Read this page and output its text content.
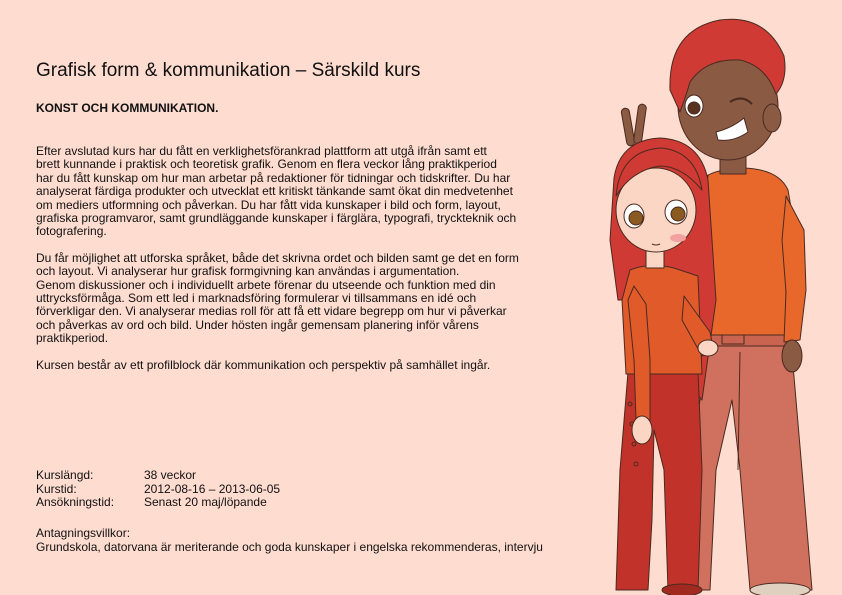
Grafisk form & kommunikation – Särskild kurs
KONST OCH KOMMUNIKATION.

Efter avslutad kurs har du fått en verklighetsförankrad plattform att utgå ifrån samt ett
brett kunnande i praktisk och teoretisk grafik. Genom en flera veckor lång praktikperiod
har du fått kunskap om hur man arbetar på redaktioner för tidningar och tidskrifter. Du har
analyserat färdiga produkter och utvecklat ett kritiskt tänkande samt ökat din medvetenhet
om mediers utformning och påverkan. Du har fått vida kunskaper i bild och form, layout,
grafiska programvaror, samt grundläggande kunskaper i färglära, typografi, tryckteknik och
fotografering.

Du får möjlighet att utforska språket, både det skrivna ordet och bilden samt ge det en form
och layout. Vi analyserar hur grafisk formgivning kan användas i argumentation.
Genom diskussioner och i individuellt arbete förenar du utseende och funktion med din
uttrycksförmåga. Som ett led i marknadsföring formulerar vi tillsammans en idé och
förverkligar den. Vi analyserar medias roll för att få ett vidare begrepp om hur vi påverkar
och påverkas av ord och bild. Under hösten ingår gemensam planering inför vårens
praktikperiod.

Kursen består av ett profilblock där kommunikation och perspektiv på samhället ingår.

Kurslängd:	38 veckor
Kurstid:	2012-08-16 – 2013-06-05
Ansökningstid:	Senast 20 maj/löpande
Antagningsvillkor:
Grundskola, datorvana är meriterande och goda kunskaper i engelska rekommenderas, intervju
